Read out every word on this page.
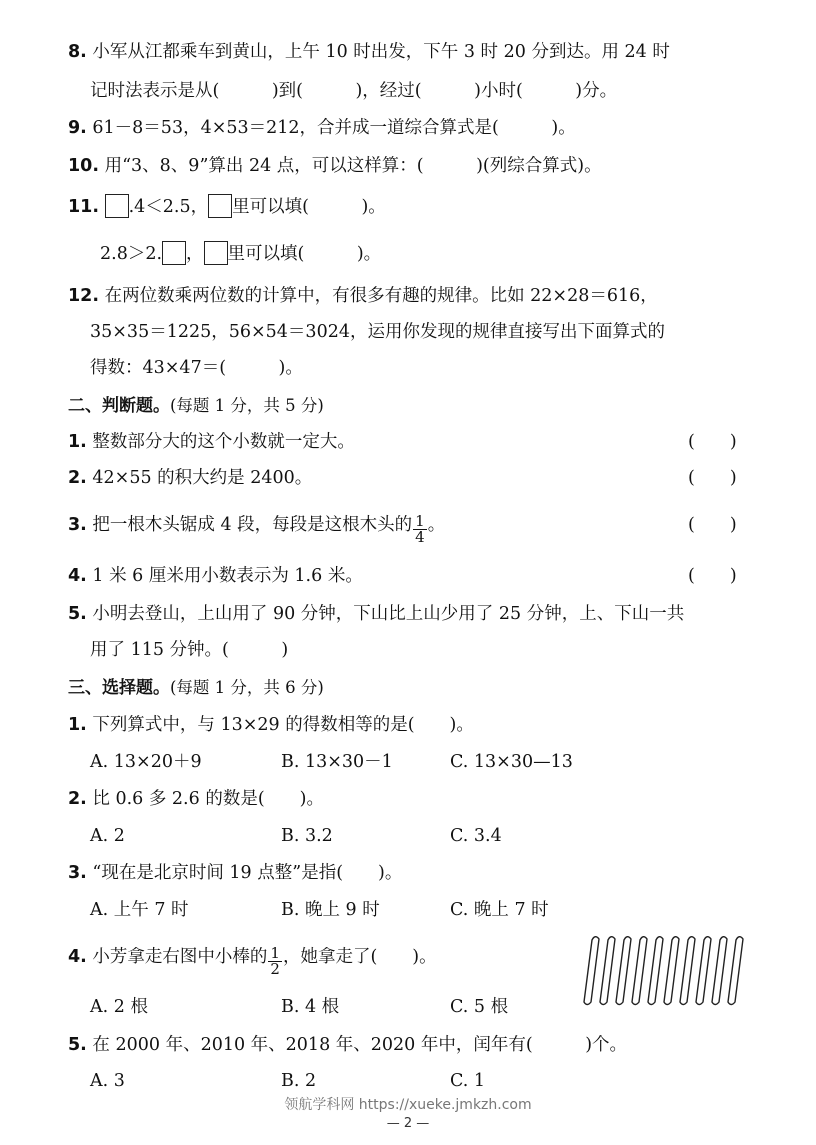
8. 小军从江都乘车到黄山，上午 10 时出发，下午 3 时 20 分到达。用 24 时
记时法表示是从(　　　)到(　　　)，经过(　　　)小时(　　　)分。
9. 61－8＝53，4×53＝212，合并成一道综合算式是(　　　)。
10. 用“3、8、9”算出 24 点，可以这样算：(　　　)(列综合算式)。
11. .4＜2.5， 里可以填(　　　)。
2.8＞2. ， 里可以填(　　　)。
12. 在两位数乘两位数的计算中，有很多有趣的规律。比如 22×28＝616，
35×35＝1225，56×54＝3024，运用你发现的规律直接写出下面算式的
得数：43×47＝(　　　)。
二、判断题。(每题 1 分，共 5 分)
1. 整数部分大的这个小数就一定大。	(　　)
2. 42×55 的积大约是 2400。	(　　)
3. 把一根木头锯成 4 段，每段是这根木头的 $\frac{1}{4}$ 。	(　　)
4. 1 米 6 厘米用小数表示为 1.6 米。	(　　)
5. 小明去登山，上山用了 90 分钟，下山比上山少用了 25 分钟，上、下山一共
用了 115 分钟。(　　　)
三、选择题。(每题 1 分，共 6 分)
1. 下列算式中，与 13×29 的得数相等的是(　　)。
A. 13×20＋9	B. 13×30－1	C. 13×30—13
2. 比 0.6 多 2.6 的数是(　　)。
A. 2	B. 3.2	C. 3.4
3. “现在是北京时间 19 点整”是指(　　)。
A. 上午 7 时	B. 晚上 9 时	C. 晚上 7 时
4. 小芳拿走右图中小棒的 $\frac{1}{2}$ ，她拿走了(　　)。
A. 2 根	B. 4 根	C. 5 根
5. 在 2000 年、2010 年、2018 年、2020 年中，闰年有(　　　)个。
A. 3	B. 2	C. 1
领航学科网 https://xueke.jmkzh.com
— 2 —
